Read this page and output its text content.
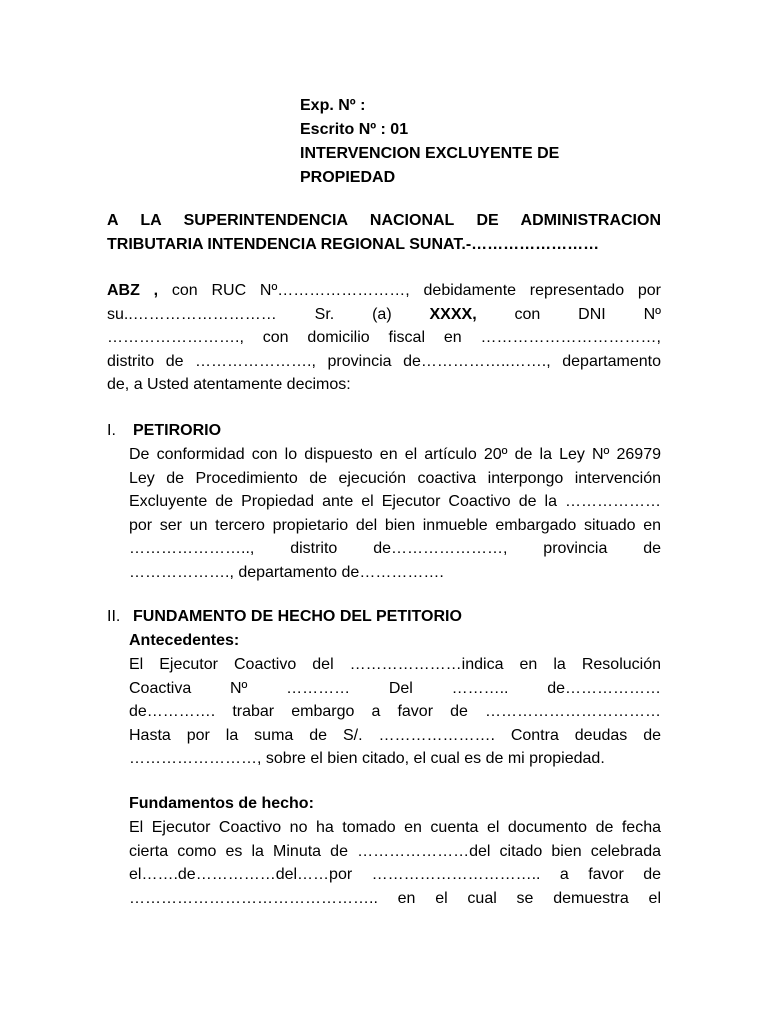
Exp. Nº :
Escrito Nº : 01
INTERVENCION EXCLUYENTE DE
PROPIEDAD
A LA SUPERINTENDENCIA NACIONAL DE ADMINISTRACION
TRIBUTARIA INTENDENCIA REGIONAL SUNAT.-……………………
ABZ , con RUC Nº……………………, debidamente representado por
su..……………………… Sr. (a) XXXX, con DNI Nº
……………………., con domicilio fiscal en ……………………………,
distrito de …………………., provincia de……………..……., departamento
de, a Usted atentamente decimos:
I. PETIRORIO
De conformidad con lo dispuesto en el artículo 20º de la Ley Nº 26979
Ley de Procedimiento de ejecución coactiva interpongo intervención
Excluyente de Propiedad ante el Ejecutor Coactivo de la ………………
por ser un tercero propietario del bien inmueble embargado situado en
………………….., distrito de…………………, provincia de
………………., departamento de…………….
II. FUNDAMENTO DE HECHO DEL PETITORIO
Antecedentes:
El Ejecutor Coactivo del …………………indica en la Resolución
Coactiva Nº ………… Del ……….. de………………
de…………. trabar embargo a favor de ……………………………
Hasta por la suma de S/. …………………. Contra deudas de
……………………, sobre el bien citado, el cual es de mi propiedad.
Fundamentos de hecho:
El Ejecutor Coactivo no ha tomado en cuenta el documento de fecha
cierta como es la Minuta de …………………del citado bien celebrada
el…….de……………del……por ………………………….. a favor de
……………………………………….. en el cual se demuestra el
